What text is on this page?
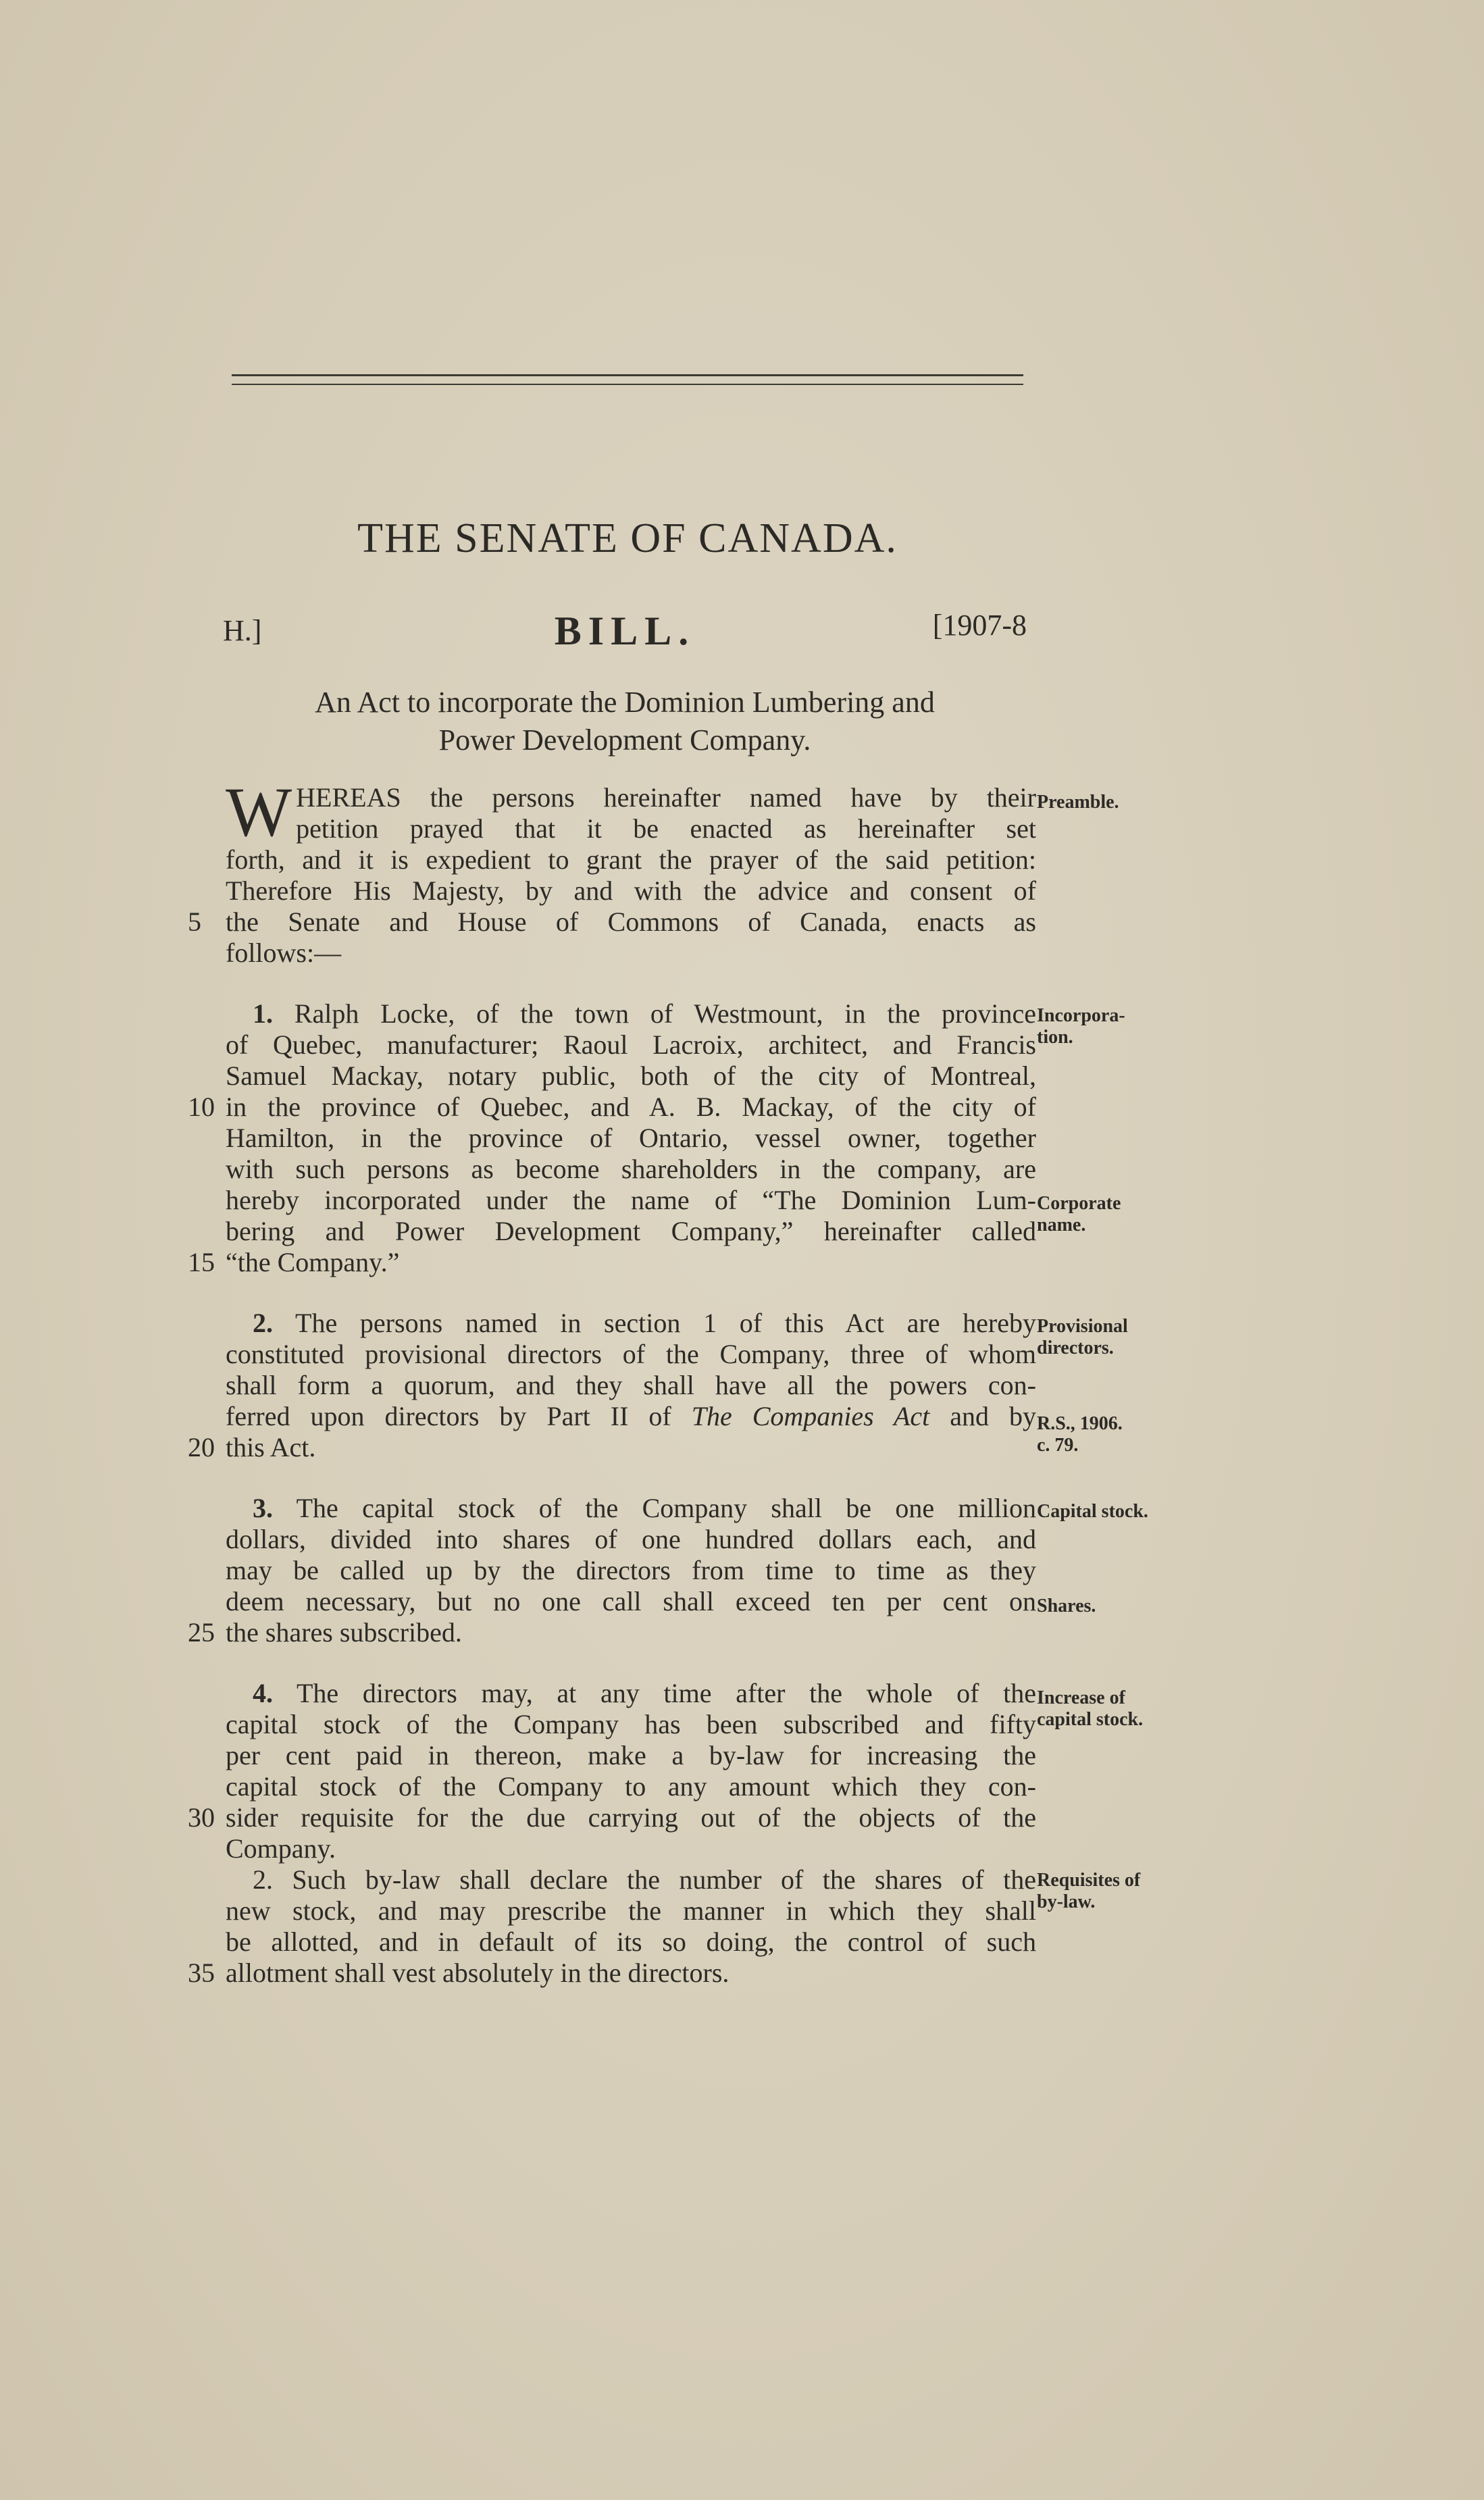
THE SENATE OF CANADA.
H.]	BILL.	[1907-8
An Act to incorporate the Dominion Lumbering and
Power Development Company.
W HEREAS the persons hereinafter named have by their
petition prayed that it be enacted as hereinafter set
forth, and it is expedient to grant the prayer of the said petition:
Therefore His Majesty, by and with the advice and consent of
5 the Senate and House of Commons of Canada, enacts as
follows:—
1. Ralph Locke, of the town of Westmount, in the province
of Quebec, manufacturer; Raoul Lacroix, architect, and Francis
Samuel Mackay, notary public, both of the city of Montreal,
10 in the province of Quebec, and A. B. Mackay, of the city of
Hamilton, in the province of Ontario, vessel owner, together
with such persons as become shareholders in the company, are
hereby incorporated under the name of “The Dominion Lum-
bering and Power Development Company,” hereinafter called
15 “the Company.”
2. The persons named in section 1 of this Act are hereby
constituted provisional directors of the Company, three of whom
shall form a quorum, and they shall have all the powers con-
ferred upon directors by Part II of The Companies Act and by
20 this Act.
3. The capital stock of the Company shall be one million
dollars, divided into shares of one hundred dollars each, and
may be called up by the directors from time to time as they
deem necessary, but no one call shall exceed ten per cent on
25 the shares subscribed.
4. The directors may, at any time after the whole of the
capital stock of the Company has been subscribed and fifty
per cent paid in thereon, make a by-law for increasing the
capital stock of the Company to any amount which they con-
30 sider requisite for the due carrying out of the objects of the
Company.
2. Such by-law shall declare the number of the shares of the
new stock, and may prescribe the manner in which they shall
be allotted, and in default of its so doing, the control of such
35 allotment shall vest absolutely in the directors.
Preamble.
Incorpora-
tion.
Corporate
name.
Provisional
directors.
R.S., 1906.
c. 79.
Capital stock.
Shares.
Increase of
capital stock.
Requisites of
by-law.
